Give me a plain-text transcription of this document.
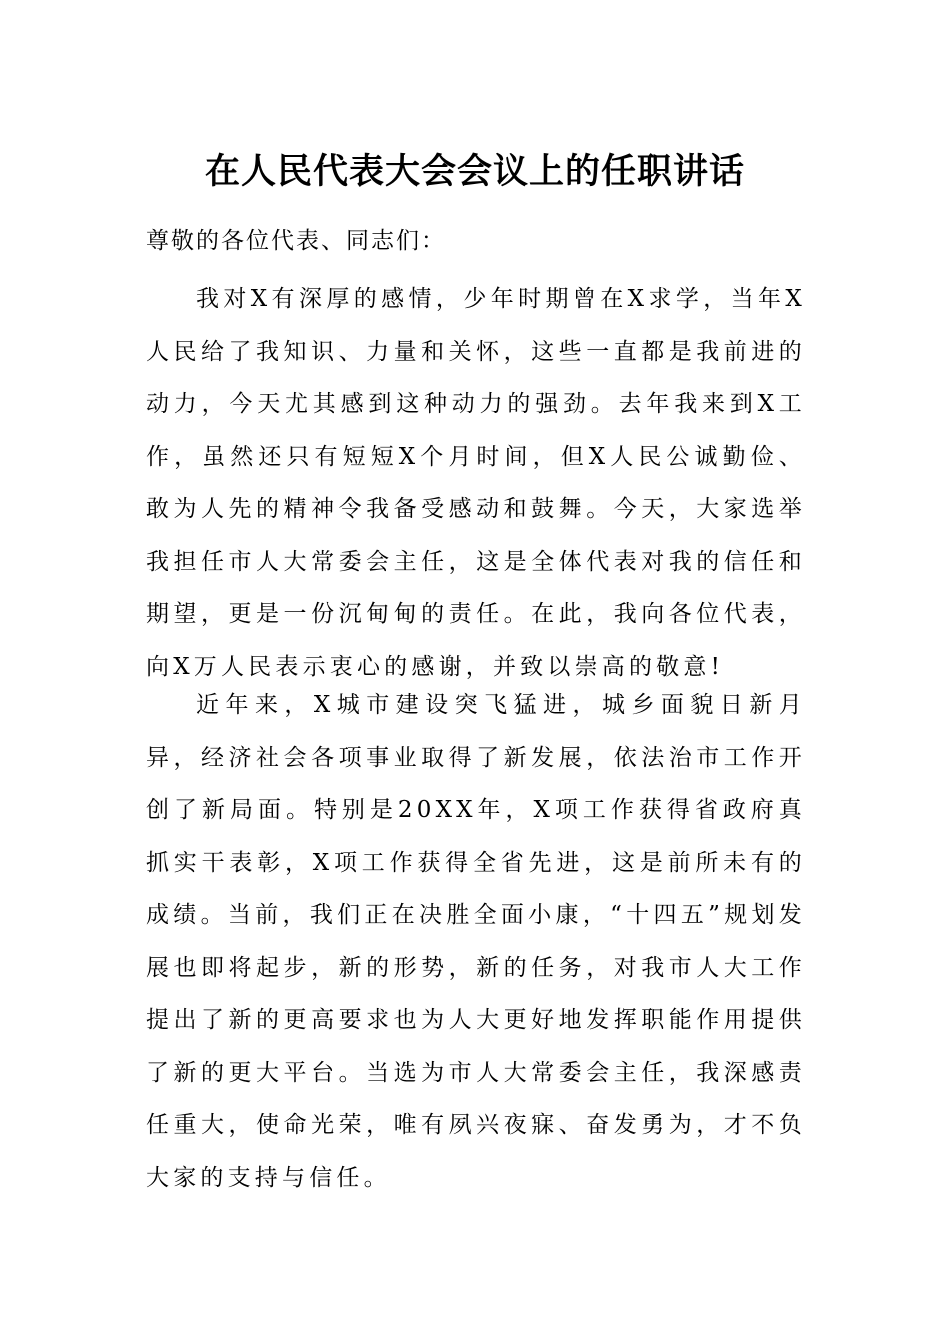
在人民代表大会会议上的任职讲话

尊敬的各位代表、同志们：

我对X有深厚的感情，少年时期曾在X求学，当年X人民给了我知识、力量和关怀，这些一直都是我前进的动力，今天尤其感到这种动力的强劲。去年我来到X工作，虽然还只有短短X个月时间，但X人民公诚勤俭、敢为人先的精神令我备受感动和鼓舞。今天，大家选举我担任市人大常委会主任，这是全体代表对我的信任和期望，更是一份沉甸甸的责任。在此，我向各位代表，向X万人民表示衷心的感谢，并致以崇高的敬意!

近年来，X城市建设突飞猛进，城乡面貌日新月异，经济社会各项事业取得了新发展，依法治市工作开创了新局面。特别是20XX年，X项工作获得省政府真抓实干表彰，X项工作获得全省先进，这是前所未有的成绩。当前，我们正在决胜全面小康，“十四五”规划发展也即将起步，新的形势，新的任务，对我市人大工作提出了新的更高要求也为人大更好地发挥职能作用提供了新的更大平台。当选为市人大常委会主任，我深感责任重大，使命光荣，唯有夙兴夜寐、奋发勇为，才不负大家的支持与信任。
